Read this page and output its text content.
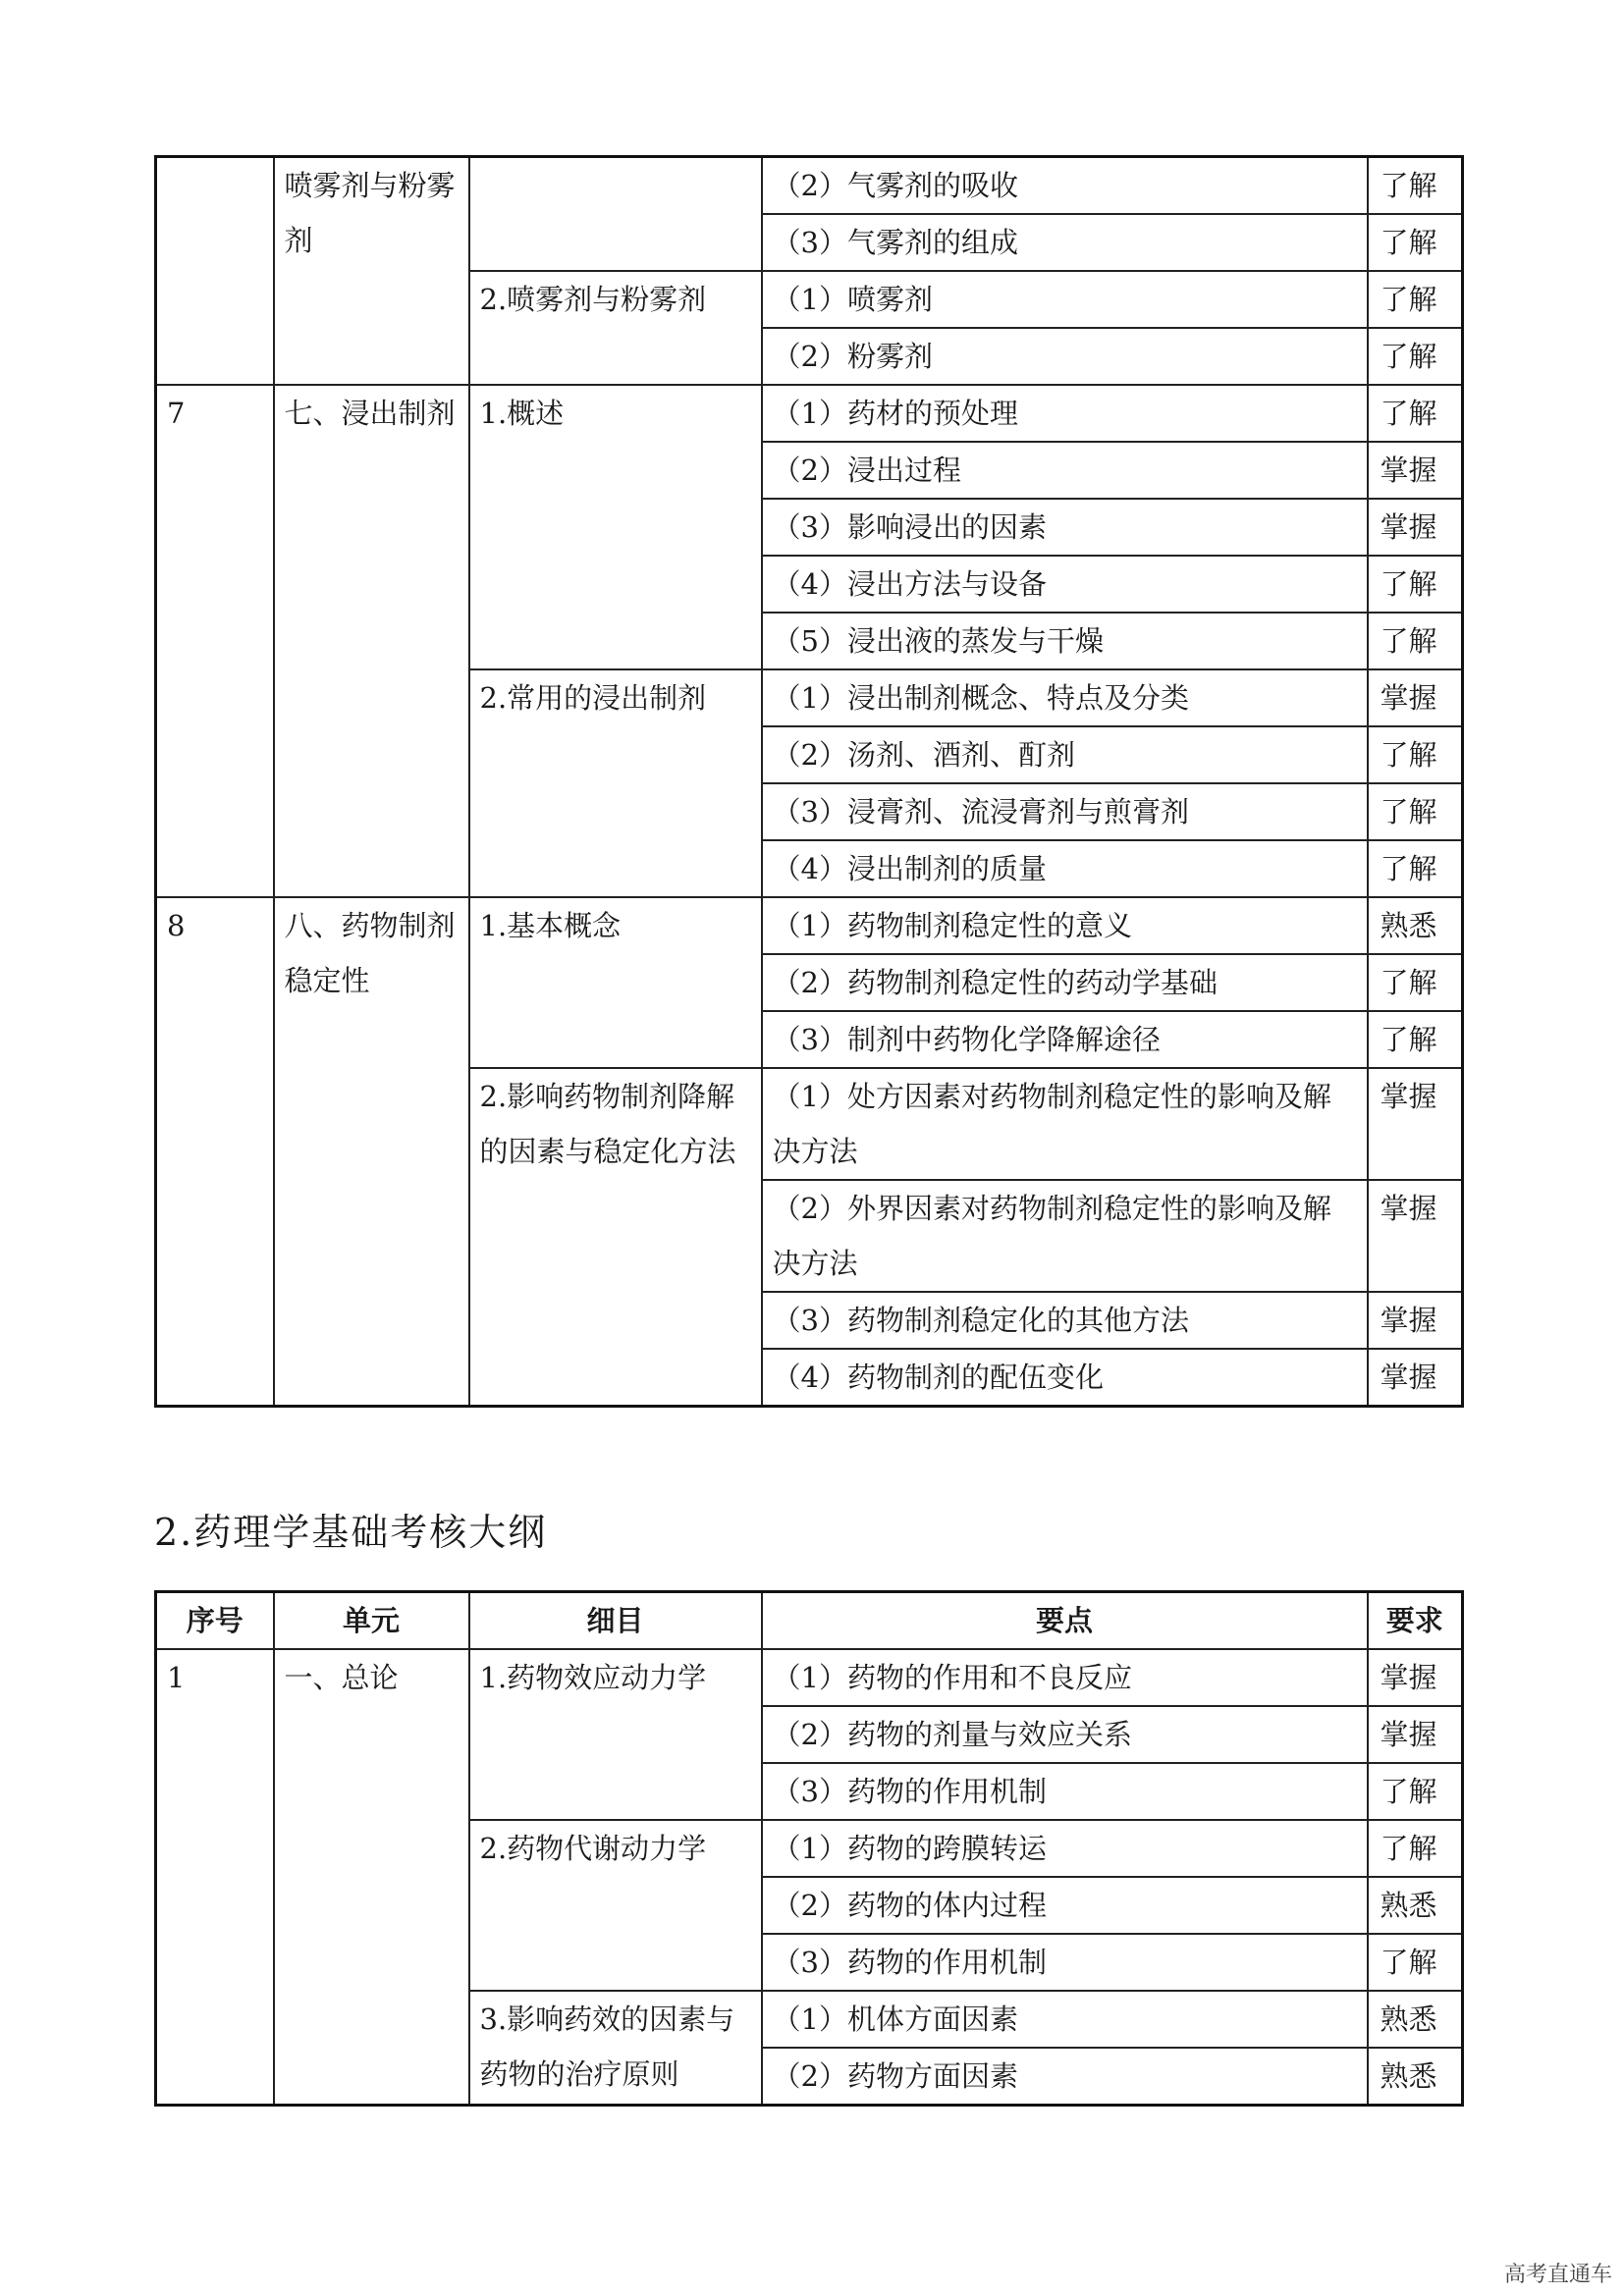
	喷雾剂与粉雾剂		（2）气雾剂的吸收	了解
			（3）气雾剂的组成	了解
		2.喷雾剂与粉雾剂	（1）喷雾剂	了解
			（2）粉雾剂	了解
7	七、浸出制剂	1.概述	（1）药材的预处理	了解
			（2）浸出过程	掌握
			（3）影响浸出的因素	掌握
			（4）浸出方法与设备	了解
			（5）浸出液的蒸发与干燥	了解
		2.常用的浸出制剂	（1）浸出制剂概念、特点及分类	掌握
			（2）汤剂、酒剂、酊剂	了解
			（3）浸膏剂、流浸膏剂与煎膏剂	了解
			（4）浸出制剂的质量	了解
8	八、药物制剂稳定性	1.基本概念	（1）药物制剂稳定性的意义	熟悉
			（2）药物制剂稳定性的药动学基础	了解
			（3）制剂中药物化学降解途径	了解
		2.影响药物制剂降解的因素与稳定化方法	（1）处方因素对药物制剂稳定性的影响及解决方法	掌握
			（2）外界因素对药物制剂稳定性的影响及解决方法	掌握
			（3）药物制剂稳定化的其他方法	掌握
			（4）药物制剂的配伍变化	掌握
2.药理学基础考核大纲
序号	单元	细目	要点	要求
1	一、总论	1.药物效应动力学	（1）药物的作用和不良反应	掌握
			（2）药物的剂量与效应关系	掌握
			（3）药物的作用机制	了解
		2.药物代谢动力学	（1）药物的跨膜转运	了解
			（2）药物的体内过程	熟悉
			（3）药物的作用机制	了解
		3.影响药效的因素与药物的治疗原则	（1）机体方面因素	熟悉
			（2）药物方面因素	熟悉
高考直通车
